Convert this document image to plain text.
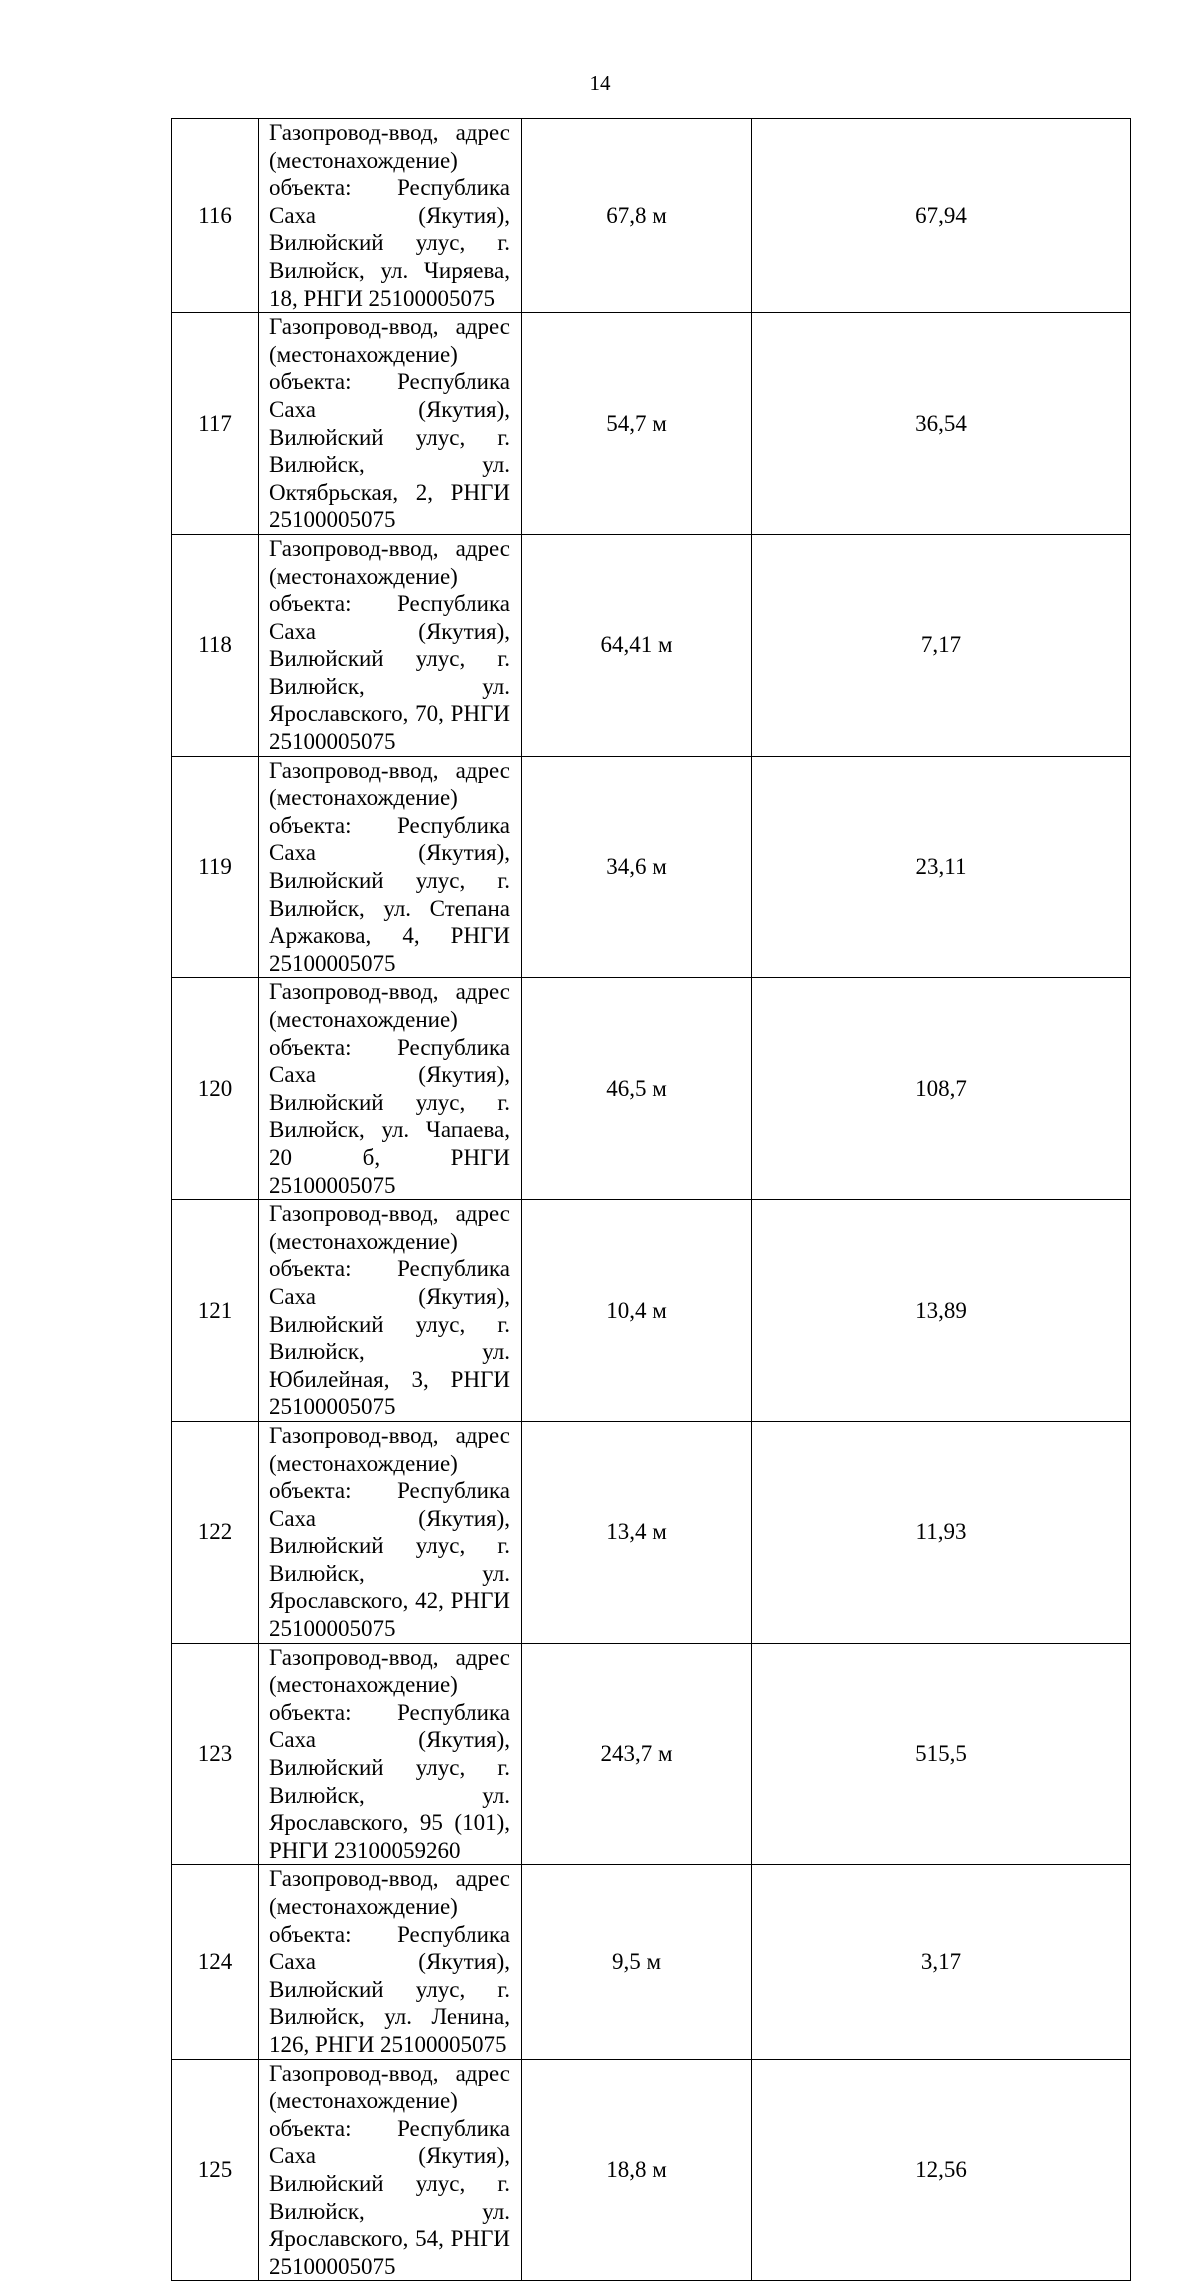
14
116	Газопровод-ввод, адрес (местонахождение) объекта: Республика Саха (Якутия), Вилюйский улус, г. Вилюйск, ул. Чиряева, 18, РНГИ 25100005075	67,8 м	67,94
117	Газопровод-ввод, адрес (местонахождение) объекта: Республика Саха (Якутия), Вилюйский улус, г. Вилюйск, ул. Октябрьская, 2, РНГИ 25100005075	54,7 м	36,54
118	Газопровод-ввод, адрес (местонахождение) объекта: Республика Саха (Якутия), Вилюйский улус, г. Вилюйск, ул. Ярославского, 70, РНГИ 25100005075	64,41 м	7,17
119	Газопровод-ввод, адрес (местонахождение) объекта: Республика Саха (Якутия), Вилюйский улус, г. Вилюйск, ул. Степана Аржакова, 4, РНГИ 25100005075	34,6 м	23,11
120	Газопровод-ввод, адрес (местонахождение) объекта: Республика Саха (Якутия), Вилюйский улус, г. Вилюйск, ул. Чапаева, 20 б, РНГИ 25100005075	46,5 м	108,7
121	Газопровод-ввод, адрес (местонахождение) объекта: Республика Саха (Якутия), Вилюйский улус, г. Вилюйск, ул. Юбилейная, 3, РНГИ 25100005075	10,4 м	13,89
122	Газопровод-ввод, адрес (местонахождение) объекта: Республика Саха (Якутия), Вилюйский улус, г. Вилюйск, ул. Ярославского, 42, РНГИ 25100005075	13,4 м	11,93
123	Газопровод-ввод, адрес (местонахождение) объекта: Республика Саха (Якутия), Вилюйский улус, г. Вилюйск, ул. Ярославского, 95 (101), РНГИ 23100059260	243,7 м	515,5
124	Газопровод-ввод, адрес (местонахождение) объекта: Республика Саха (Якутия), Вилюйский улус, г. Вилюйск, ул. Ленина, 126, РНГИ 25100005075	9,5 м	3,17
125	Газопровод-ввод, адрес (местонахождение) объекта: Республика Саха (Якутия), Вилюйский улус, г. Вилюйск, ул. Ярославского, 54, РНГИ 25100005075	18,8 м	12,56
